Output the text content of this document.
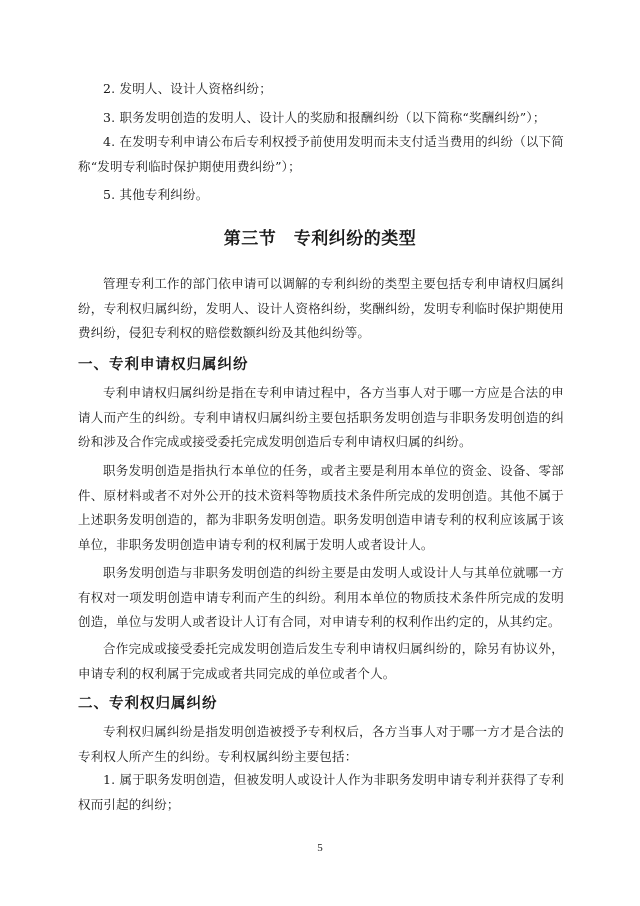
2. 发明人、设计人资格纠纷；

3. 职务发明创造的发明人、设计人的奖励和报酬纠纷（以下简称“奖酬纠纷”）；

4. 在发明专利申请公布后专利权授予前使用发明而未支付适当费用的纠纷（以下简称“发明专利临时保护期使用费纠纷”）；

5. 其他专利纠纷。

第三节　专利纠纷的类型

管理专利工作的部门依申请可以调解的专利纠纷的类型主要包括专利申请权归属纠纷，专利权归属纠纷，发明人、设计人资格纠纷，奖酬纠纷，发明专利临时保护期使用费纠纷，侵犯专利权的赔偿数额纠纷及其他纠纷等。

一、专利申请权归属纠纷

专利申请权归属纠纷是指在专利申请过程中，各方当事人对于哪一方应是合法的申请人而产生的纠纷。专利申请权归属纠纷主要包括职务发明创造与非职务发明创造的纠纷和涉及合作完成或接受委托完成发明创造后专利申请权归属的纠纷。

职务发明创造是指执行本单位的任务，或者主要是利用本单位的资金、设备、零部件、原材料或者不对外公开的技术资料等物质技术条件所完成的发明创造。其他不属于上述职务发明创造的，都为非职务发明创造。职务发明创造申请专利的权利应该属于该单位，非职务发明创造申请专利的权利属于发明人或者设计人。

职务发明创造与非职务发明创造的纠纷主要是由发明人或设计人与其单位就哪一方有权对一项发明创造申请专利而产生的纠纷。利用本单位的物质技术条件所完成的发明创造，单位与发明人或者设计人订有合同，对申请专利的权利作出约定的，从其约定。

合作完成或接受委托完成发明创造后发生专利申请权归属纠纷的，除另有协议外，申请专利的权利属于完成或者共同完成的单位或者个人。

二、专利权归属纠纷

专利权归属纠纷是指发明创造被授予专利权后，各方当事人对于哪一方才是合法的专利权人所产生的纠纷。专利权属纠纷主要包括：

1. 属于职务发明创造，但被发明人或设计人作为非职务发明申请专利并获得了专利权而引起的纠纷；

5
